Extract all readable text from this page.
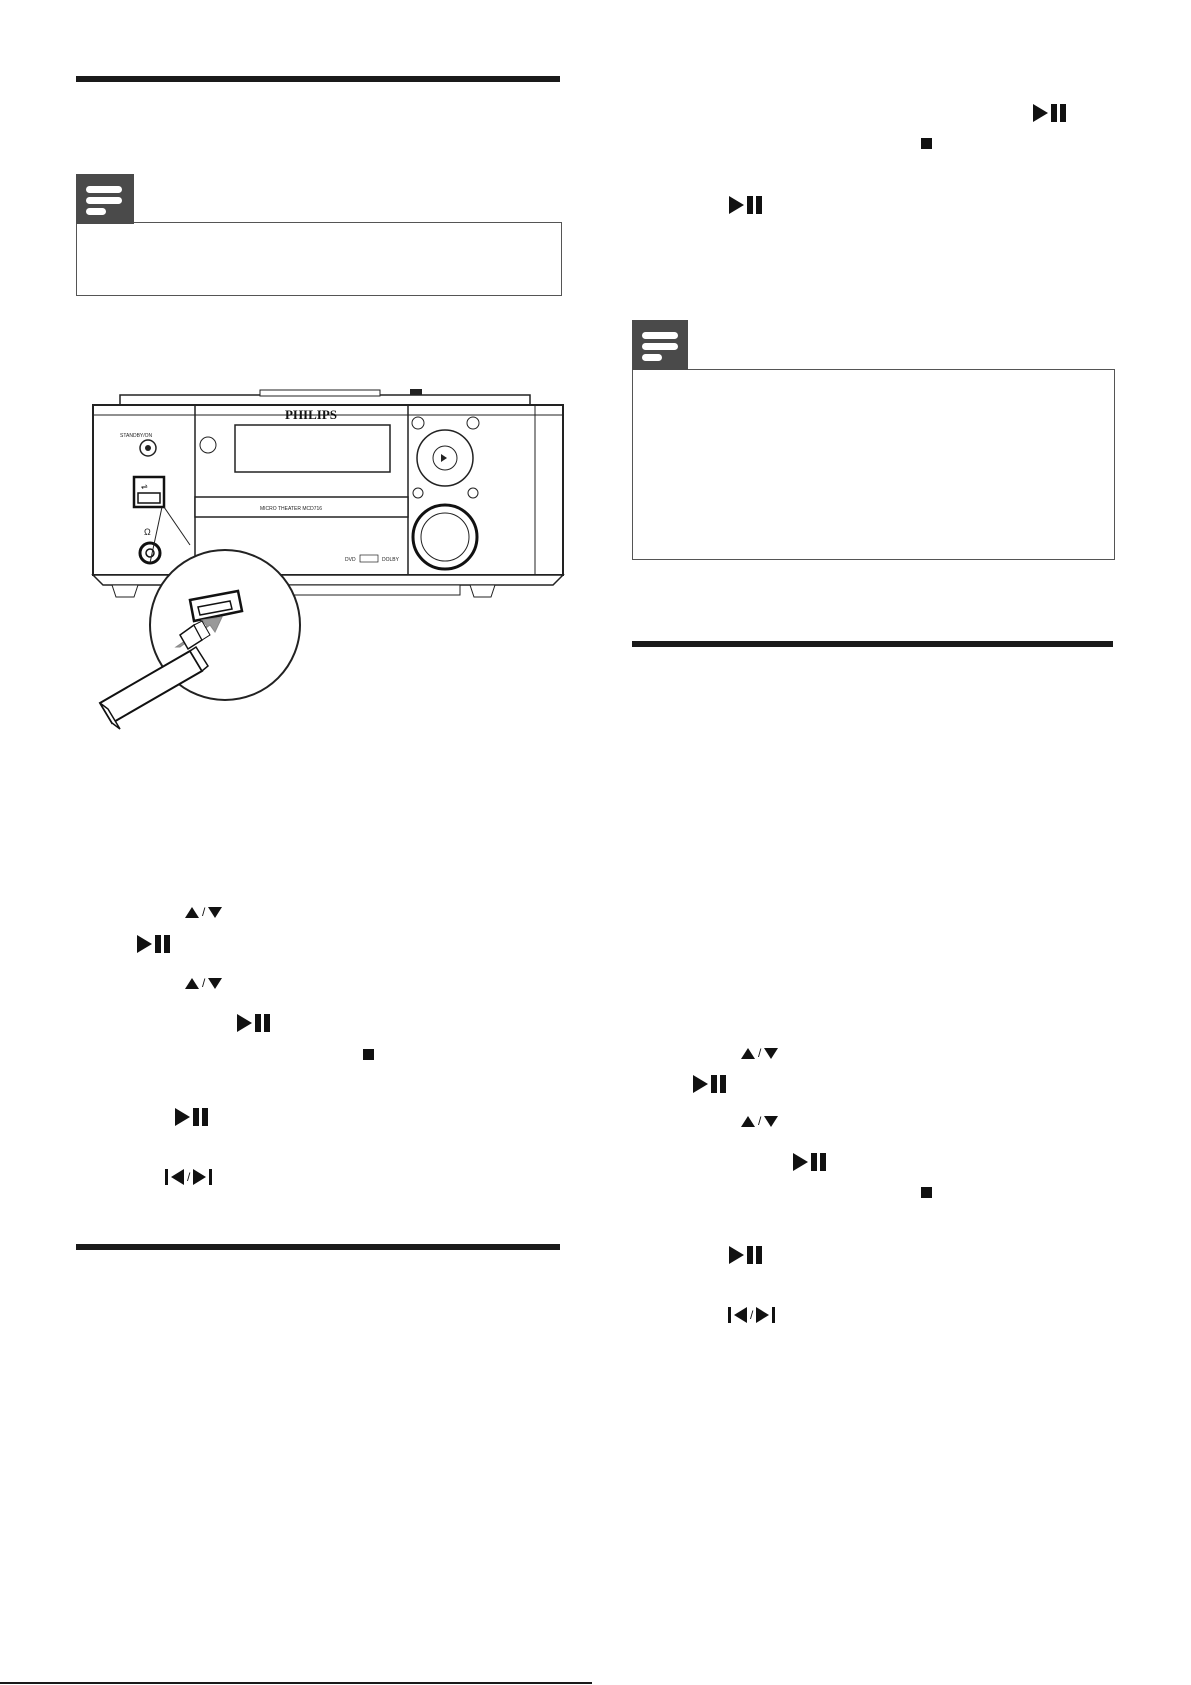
STANDBY/ON
⇌
Ω
PHILIPS
MICRO THEATER MCD716
DVD	DOLBY
/
/
/
/
/
/
